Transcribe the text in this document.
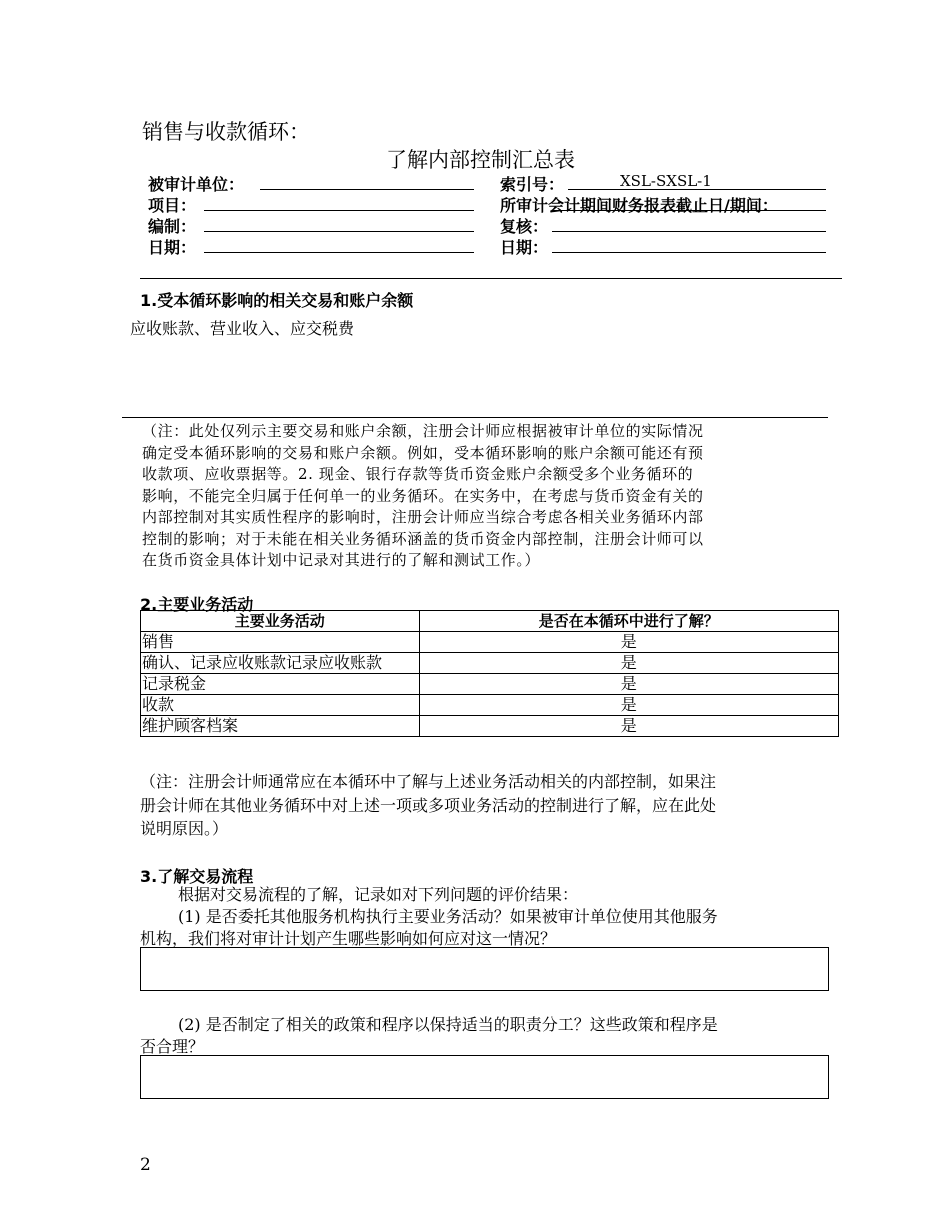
销售与收款循环：
了解内部控制汇总表
被审计单位：
项目：
编制：
日期：
索引号：	XSL-SXSL-1
所审计会计期间财务报表截止日/期间：
复核：
日期：
1.受本循环影响的相关交易和账户余额
应收账款、营业收入、应交税费
（注：此处仅列示主要交易和账户余额，注册会计师应根据被审计单位的实际情况
确定受本循环影响的交易和账户余额。例如，受本循环影响的账户余额可能还有预
收款项、应收票据等。2. 现金、银行存款等货币资金账户余额受多个业务循环的
影响，不能完全归属于任何单一的业务循环。在实务中，在考虑与货币资金有关的
内部控制对其实质性程序的影响时，注册会计师应当综合考虑各相关业务循环内部
控制的影响；对于未能在相关业务循环涵盖的货币资金内部控制，注册会计师可以
在货币资金具体计划中记录对其进行的了解和测试工作。）
2.主要业务活动
主要业务活动	是否在本循环中进行了解？
销售	是
确认、记录应收账款记录应收账款	是
记录税金	是
收款	是
维护顾客档案	是
（注：注册会计师通常应在本循环中了解与上述业务活动相关的内部控制，如果注
册会计师在其他业务循环中对上述一项或多项业务活动的控制进行了解，应在此处
说明原因。）
3.了解交易流程
根据对交易流程的了解，记录如对下列问题的评价结果：
(1) 是否委托其他服务机构执行主要业务活动？如果被审计单位使用其他服务
机构，我们将对审计计划产生哪些影响如何应对这一情况？
(2) 是否制定了相关的政策和程序以保持适当的职责分工？这些政策和程序是
否合理？
2
